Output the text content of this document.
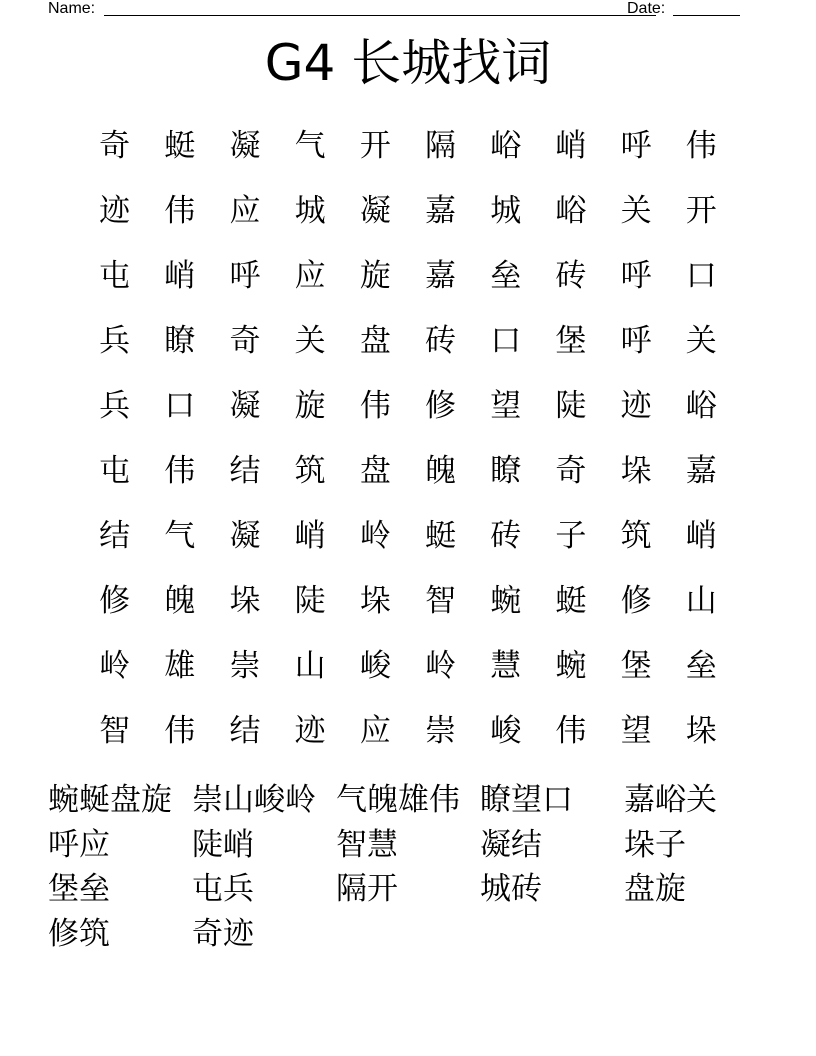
Name:	Date:
G4 长城找词
奇	蜓	凝	气	开	隔	峪	峭	呼	伟
迹	伟	应	城	凝	嘉	城	峪	关	开
屯	峭	呼	应	旋	嘉	垒	砖	呼	口
兵	瞭	奇	关	盘	砖	口	堡	呼	关
兵	口	凝	旋	伟	修	望	陡	迹	峪
屯	伟	结	筑	盘	魄	瞭	奇	垛	嘉
结	气	凝	峭	岭	蜓	砖	子	筑	峭
修	魄	垛	陡	垛	智	蜿	蜓	修	山
岭	雄	崇	山	峻	岭	慧	蜿	堡	垒
智	伟	结	迹	应	崇	峻	伟	望	垛
蜿蜒盘旋 崇山峻岭 气魄雄伟 瞭望口	嘉峪关
呼应	陡峭	智慧	凝结	垛子
堡垒	屯兵	隔开	城砖	盘旋
修筑	奇迹
